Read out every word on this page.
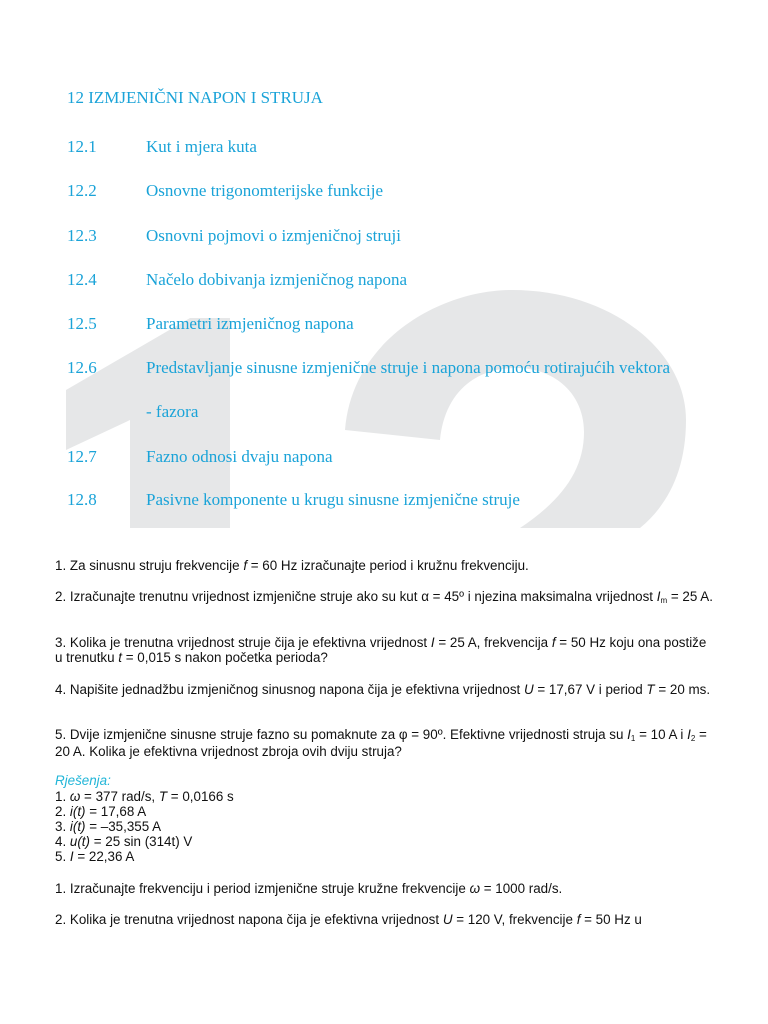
12 IZMJENIČNI NAPON I STRUJA
12.1	Kut i mjera kuta
12.2	Osnovne trigonomterijske funkcije
12.3	Osnovni pojmovi o izmjeničnoj struji
12.4	Načelo dobivanja izmjeničnog napona
12.5	Parametri izmjeničnog napona
12.6	Predstavljanje sinusne izmjenične struje i napona pomoću rotirajućih vektora
- fazora
12.7	Fazno odnosi dvaju napona
12.8	Pasivne komponente u krugu sinusne izmjenične struje

1. Za sinusnu struju frekvencije f = 60 Hz izračunajte period i kružnu frekvenciju.

2. Izračunajte trenutnu vrijednost izmjenične struje ako su kut α = 45º i njezina maksimalna vrijednost $I_m = 25$ A.

3. Kolika je trenutna vrijednost struje čija je efektivna vrijednost I = 25 A, frekvencija f = 50 Hz koju ona postiže u trenutku t = 0,015 s nakon početka perioda?

4. Napišite jednadžbu izmjeničnog sinusnog napona čija je efektivna vrijednost U = 17,67 V i period T = 20 ms.

5. Dvije izmjenične sinusne struje fazno su pomaknute za φ = 90º. Efektivne vrijednosti struja su $I_1 = 10$ A i $I_2 = 20$ A. Kolika je efektivna vrijednost zbroja ovih dviju struja?

Rješenja:
1. ω = 377 rad/s, T = 0,0166 s
2. i(t) = 17,68 A
3. i(t) = –35,355 A
4. u(t) = 25 sin (314t) V
5. I = 22,36 A

1. Izračunajte frekvenciju i period izmjenične struje kružne frekvencije ω = 1000 rad/s.

2. Kolika je trenutna vrijednost napona čija je efektivna vrijednost U = 120 V, frekvencije f = 50 Hz u
